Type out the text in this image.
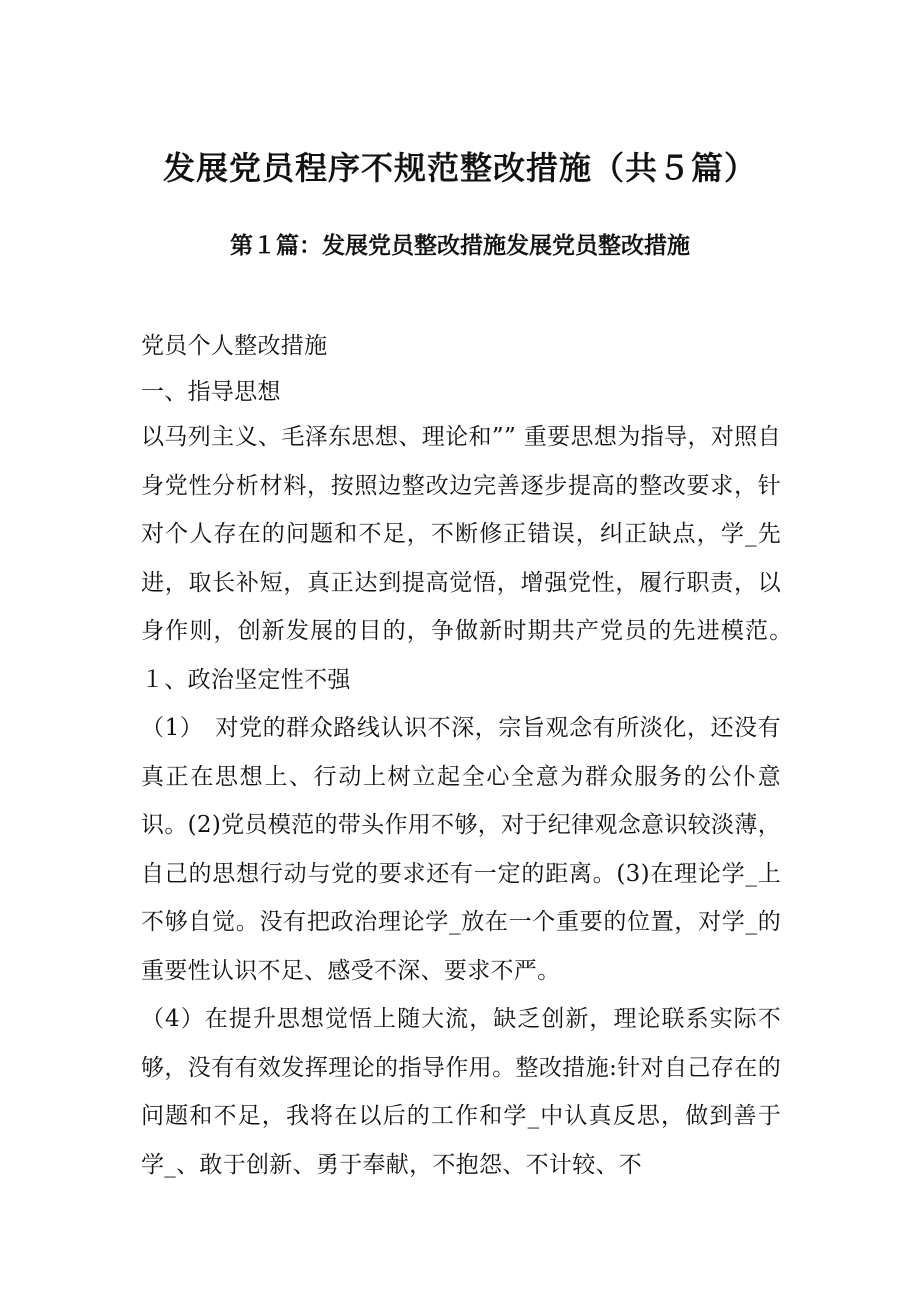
发展党员程序不规范整改措施（共５篇）
第１篇：发展党员整改措施发展党员整改措施

党员个人整改措施

一、指导思想

以马列主义、毛泽东思想、理论和”” 重要思想为指导，对照自身党性分析材料，按照边整改边完善逐步提高的整改要求，针对个人存在的问题和不足，不断修正错误，纠正缺点，学_先进，取长补短，真正达到提高觉悟，增强党性，履行职责，以身作则，创新发展的目的，争做新时期共产党员的先进模范。　１、政治坚定性不强

（1）　对党的群众路线认识不深，宗旨观念有所淡化，还没有真正在思想上、行动上树立起全心全意为群众服务的公仆意识。(2)党员模范的带头作用不够，对于纪律观念意识较淡薄，自己的思想行动与党的要求还有一定的距离。(3)在理论学_上不够自觉。没有把政治理论学_放在一个重要的位置，对学_的重要性认识不足、感受不深、要求不严。

（4）在提升思想觉悟上随大流，缺乏创新，理论联系实际不够，没有有效发挥理论的指导作用。整改措施:针对自己存在的问题和不足，我将在以后的工作和学_中认真反思，做到善于学_、敢于创新、勇于奉献，不抱怨、不计较、不
